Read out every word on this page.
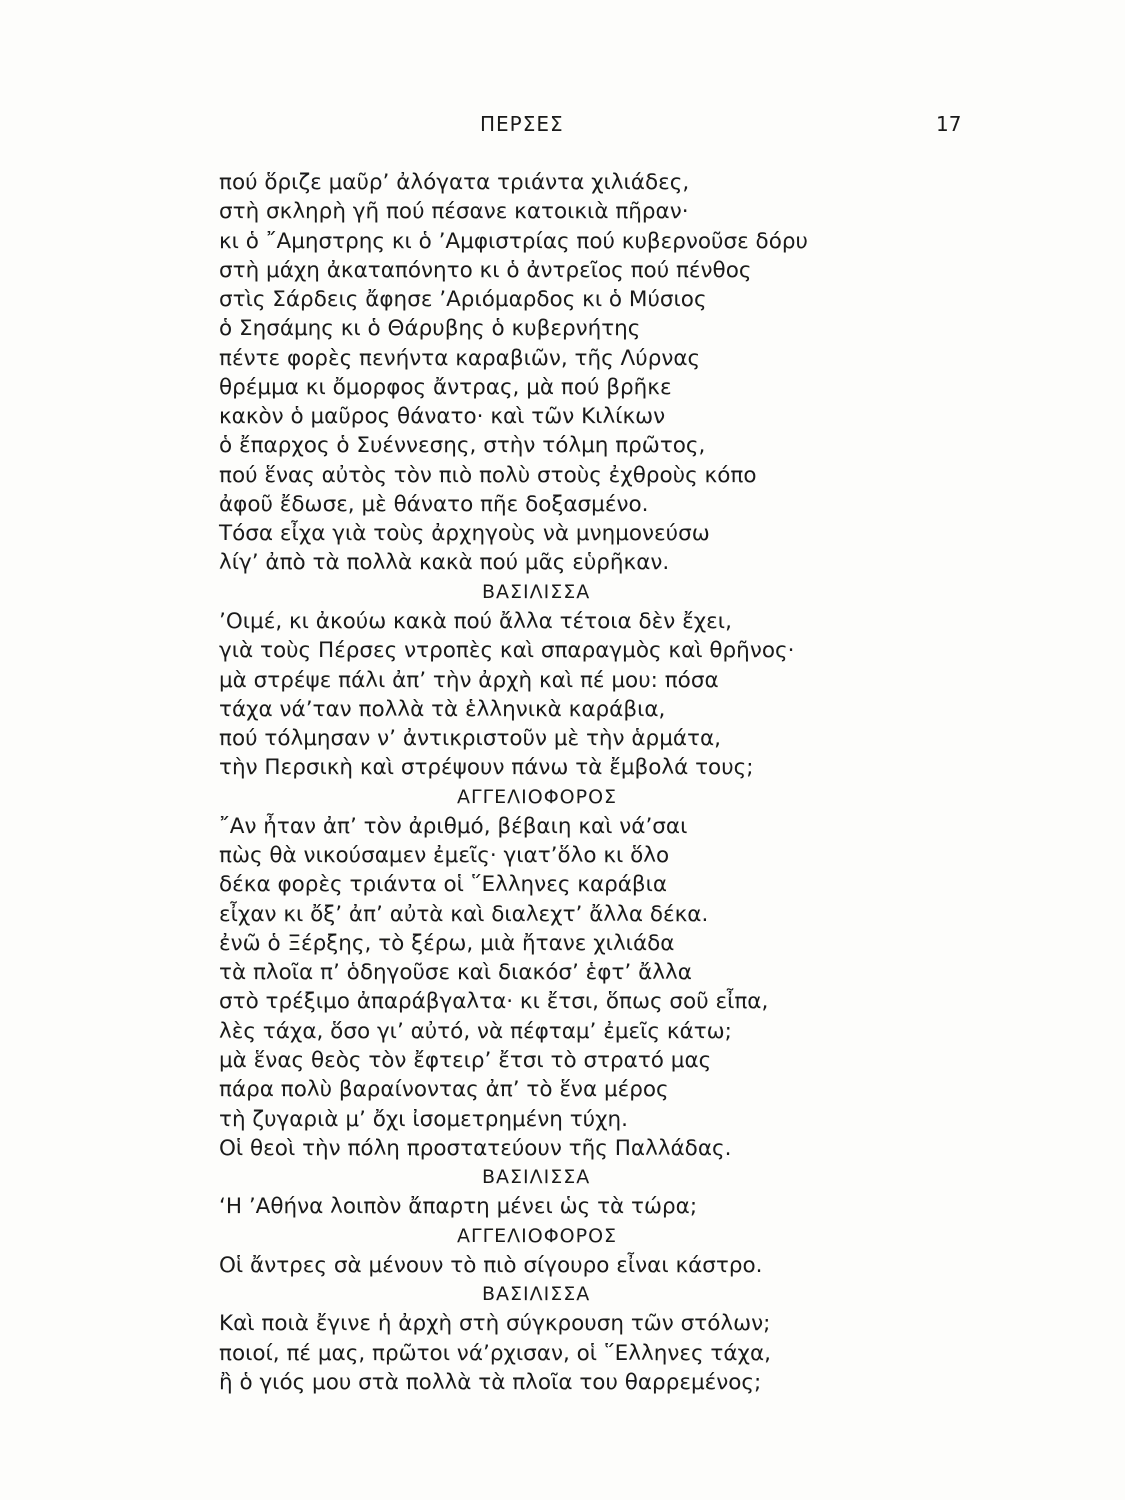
ΠΕΡΣΕΣ	17
πού ὅριζε μαῦρ’ ἀλόγατα τριάντα χιλιάδες,
στὴ σκληρὴ γῆ πού πέσανε κατοικιὰ πῆραν·
κι ὁ ῎Αμηστρης κι ὁ ’Αμφιστρίας πού κυβερνοῦσε δόρυ
στὴ μάχη ἀκαταπόνητο κι ὁ ἀντρεῖος πού πένθος
στὶς Σάρδεις ἄφησε ’Αριόμαρδος κι ὁ Μύσιος
ὁ Σησάμης κι ὁ Θάρυβης ὁ κυβερνήτης
πέντε φορὲς πενήντα καραβιῶν, τῆς Λύρνας
θρέμμα κι ὄμορφος ἄντρας, μὰ πού βρῆκε
κακὸν ὁ μαῦρος θάνατο· καὶ τῶν Κιλίκων
ὁ ἔπαρχος ὁ Συέννεσης, στὴν τόλμη πρῶτος,
πού ἕνας αὐτὸς τὸν πιὸ πολὺ στοὺς ἐχθροὺς κόπο
ἀφοῦ ἔδωσε, μὲ θάνατο πῆε δοξασμένο.
Τόσα εἶχα γιὰ τοὺς ἀρχηγοὺς νὰ μνημονεύσω
λίγ’ ἀπὸ τὰ πολλὰ κακὰ πού μᾶς εὑρῆκαν.
ΒΑΣΙΛΙΣΣΑ
’Οιμέ, κι ἀκούω κακὰ πού ἄλλα τέτοια δὲν ἔχει,
γιὰ τοὺς Πέρσες ντροπὲς καὶ σπαραγμὸς καὶ θρῆνος·
μὰ στρέψε πάλι ἀπ’ τὴν ἀρχὴ καὶ πέ μου: πόσα
τάχα νά’ταν πολλὰ τὰ ἑλληνικὰ καράβια,
πού τόλμησαν ν’ ἀντικριστοῦν μὲ τὴν ἁρμάτα,
τὴν Περσικὴ καὶ στρέψουν πάνω τὰ ἔμβολά τους;
ΑΓΓΕΛΙΟΦΟΡΟΣ
῎Αν ἦταν ἀπ’ τὸν ἀριθμό, βέβαιη καὶ νά’σαι
πὼς θὰ νικούσαμεν ἐμεῖς· γιατ’ὅλο κι ὅλο
δέκα φορὲς τριάντα οἱ ῞Ελληνες καράβια
εἶχαν κι ὄξ’ ἀπ’ αὐτὰ καὶ διαλεχτ’ ἄλλα δέκα.
ἐνῶ ὁ Ξέρξης, τὸ ξέρω, μιὰ ἤτανε χιλιάδα
τὰ πλοῖα π’ ὁδηγοῦσε καὶ διακόσ’ ἑφτ’ ἄλλα
στὸ τρέξιμο ἀπαράβγαλτα· κι ἔτσι, ὅπως σοῦ εἶπα,
λὲς τάχα, ὅσο γι’ αὐτό, νὰ πέφταμ’ ἐμεῖς κάτω;
μὰ ἕνας θεὸς τὸν ἔφτειρ’ ἔτσι τὸ στρατό μας
πάρα πολὺ βαραίνοντας ἀπ’ τὸ ἕνα μέρος
τὴ ζυγαριὰ μ’ ὄχι ἰσομετρημένη τύχη.
Οἱ θεοὶ τὴν πόλη προστατεύουν τῆς Παλλάδας.
ΒΑΣΙΛΙΣΣΑ
‘Η ’Αθήνα λοιπὸν ἄπαρτη μένει ὡς τὰ τώρα;
ΑΓΓΕΛΙΟΦΟΡΟΣ
Οἱ ἄντρες σὰ μένουν τὸ πιὸ σίγουρο εἶναι κάστρο.
ΒΑΣΙΛΙΣΣΑ
Καὶ ποιὰ ἔγινε ἡ ἀρχὴ στὴ σύγκρουση τῶν στόλων;
ποιοί, πέ μας, πρῶτοι νά’ρχισαν, οἱ ῞Ελληνες τάχα,
ἢ ὁ γιός μου στὰ πολλὰ τὰ πλοῖα του θαρρεμένος;
